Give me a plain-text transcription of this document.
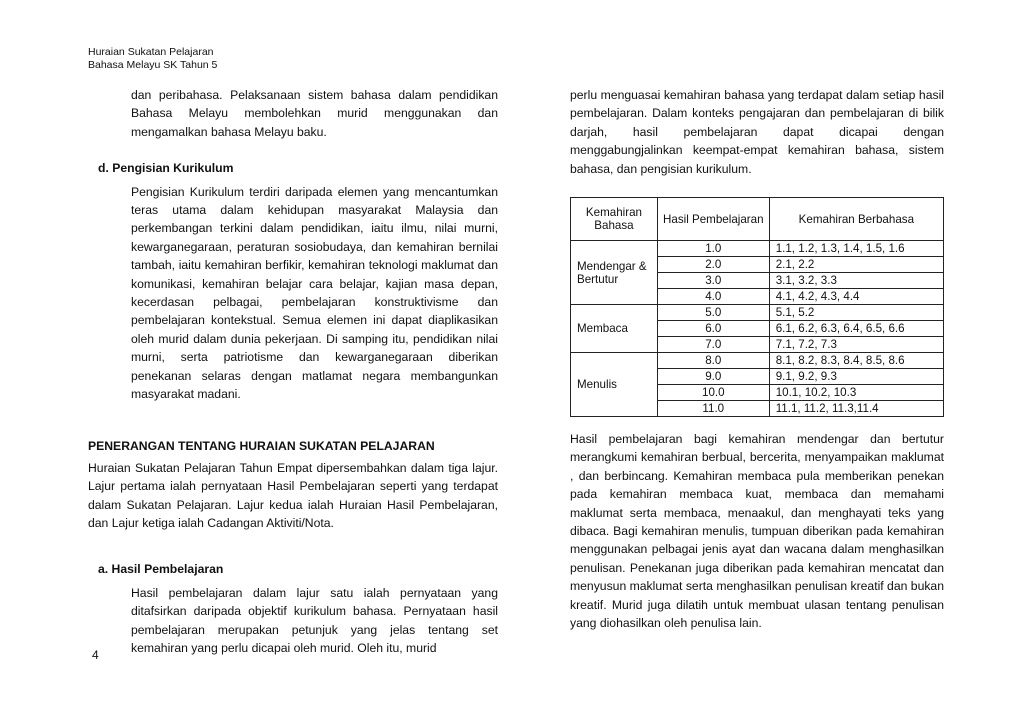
Huraian Sukatan Pelajaran
Bahasa Melayu SK Tahun 5

dan peribahasa. Pelaksanaan sistem bahasa dalam pendidikan Bahasa Melayu membolehkan murid menggunakan dan mengamalkan bahasa Melayu baku.

d. Pengisian Kurikulum

Pengisian Kurikulum terdiri daripada elemen yang mencantumkan teras utama dalam kehidupan masyarakat Malaysia dan perkembangan terkini dalam pendidikan, iaitu ilmu, nilai murni, kewarganegaraan, peraturan sosiobudaya, dan kemahiran bernilai tambah, iaitu kemahiran berfikir, kemahiran teknologi maklumat dan komunikasi, kemahiran belajar cara belajar, kajian masa depan, kecerdasan pelbagai, pembelajaran konstruktivisme dan pembelajaran kontekstual. Semua elemen ini dapat diaplikasikan oleh murid dalam dunia pekerjaan. Di samping itu, pendidikan nilai murni, serta patriotisme dan kewarganegaraan diberikan penekanan selaras dengan matlamat negara membangunkan masyarakat madani.

PENERANGAN TENTANG HURAIAN SUKATAN PELAJARAN

Huraian Sukatan Pelajaran Tahun Empat dipersembahkan dalam tiga lajur. Lajur pertama ialah pernyataan Hasil Pembelajaran seperti yang terdapat dalam Sukatan Pelajaran. Lajur kedua ialah Huraian Hasil Pembelajaran, dan Lajur ketiga ialah Cadangan Aktiviti/Nota.

a. Hasil Pembelajaran

Hasil pembelajaran dalam lajur satu ialah pernyataan yang ditafsirkan daripada objektif kurikulum bahasa. Pernyataan hasil pembelajaran merupakan petunjuk yang jelas tentang set kemahiran yang perlu dicapai oleh murid. Oleh itu, murid

perlu menguasai kemahiran bahasa yang terdapat dalam setiap hasil pembelajaran. Dalam konteks pengajaran dan pembelajaran di bilik darjah, hasil pembelajaran dapat dicapai dengan menggabungjalinkan keempat-empat kemahiran bahasa, sistem bahasa, dan pengisian kurikulum.

Kemahiran Bahasa	Hasil Pembelajaran	Kemahiran Berbahasa
Mendengar & Bertutur	1.0	1.1, 1.2, 1.3, 1.4, 1.5, 1.6
	2.0	2.1, 2.2
	3.0	3.1, 3.2, 3.3
	4.0	4.1, 4.2, 4.3, 4.4
Membaca	5.0	5.1, 5.2
	6.0	6.1, 6.2, 6.3, 6.4, 6.5, 6.6
	7.0	7.1, 7.2, 7.3
Menulis	8.0	8.1, 8.2, 8.3, 8.4, 8.5, 8.6
	9.0	9.1, 9.2, 9.3
	10.0	10.1, 10.2, 10.3
	11.0	11.1, 11.2, 11.3,11.4

Hasil pembelajaran bagi kemahiran mendengar dan bertutur merangkumi kemahiran berbual, bercerita, menyampaikan maklumat , dan berbincang. Kemahiran membaca pula memberikan penekan pada kemahiran membaca kuat, membaca dan memahami maklumat serta membaca, menaakul, dan menghayati teks yang dibaca. Bagi kemahiran menulis, tumpuan diberikan pada kemahiran menggunakan pelbagai jenis ayat dan wacana dalam menghasilkan penulisan. Penekanan juga diberikan pada kemahiran mencatat dan menyusun maklumat serta menghasilkan penulisan kreatif dan bukan kreatif. Murid juga dilatih untuk membuat ulasan tentang penulisan yang diohasilkan oleh penulisa lain.

4
